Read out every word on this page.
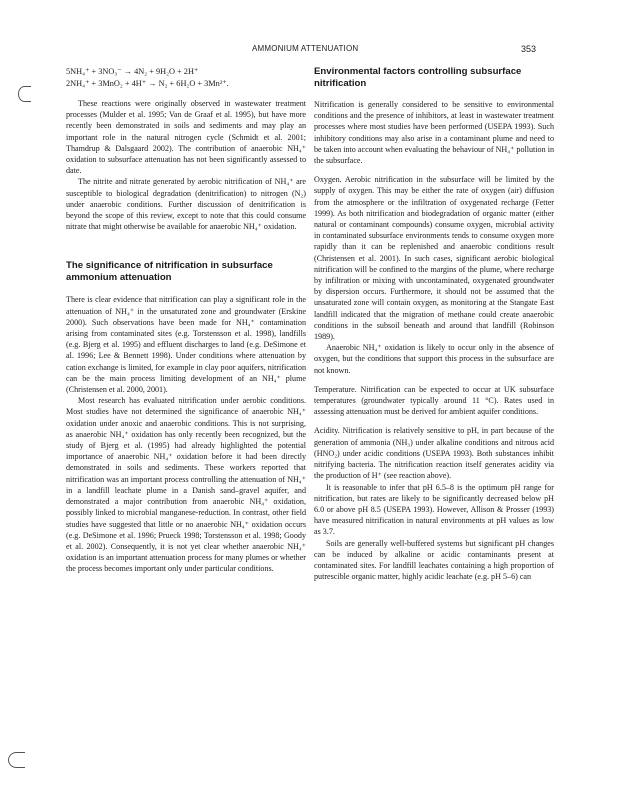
AMMONIUM ATTENUATION	353
5NH₄⁺ + 3NO₃⁻ → 4N₂ + 9H₂O + 2H⁺
2NH₄⁺ + 3MnO₂ + 4H⁺ → N₂ + 6H₂O + 3Mn²⁺.

These reactions were originally observed in wastewater treatment processes (Mulder et al. 1995; Van de Graaf et al. 1995), but have more recently been demonstrated in soils and sediments and may play an important role in the natural nitrogen cycle (Schmidt et al. 2001; Thamdrup & Dalsgaard 2002). The contribution of anaerobic NH₄⁺ oxidation to subsurface attenuation has not been significantly assessed to date.

The nitrite and nitrate generated by aerobic nitrification of NH₄⁺ are susceptible to biological degradation (denitrification) to nitrogen (N₂) under anaerobic conditions. Further discussion of denitrification is beyond the scope of this review, except to note that this could consume nitrate that might otherwise be available for anaerobic NH₄⁺ oxidation.

The significance of nitrification in subsurface ammonium attenuation

There is clear evidence that nitrification can play a significant role in the attenuation of NH₄⁺ in the unsaturated zone and groundwater (Erskine 2000). Such observations have been made for NH₄⁺ contamination arising from contaminated sites (e.g. Torstensson et al. 1998), landfills (e.g. Bjerg et al. 1995) and effluent discharges to land (e.g. DeSimone et al. 1996; Lee & Bennett 1998). Under conditions where attenuation by cation exchange is limited, for example in clay poor aquifers, nitrification can be the main process limiting development of an NH₄⁺ plume (Christensen et al. 2000, 2001).

Most research has evaluated nitrification under aerobic conditions. Most studies have not determined the significance of anaerobic NH₄⁺ oxidation under anoxic and anaerobic conditions. This is not surprising, as anaerobic NH₄⁺ oxidation has only recently been recognized, but the study of Bjerg et al. (1995) had already highlighted the potential importance of anaerobic NH₄⁺ oxidation before it had been directly demonstrated in soils and sediments. These workers reported that nitrification was an important process controlling the attenuation of NH₄⁺ in a landfill leachate plume in a Danish sand–gravel aquifer, and demonstrated a major contribution from anaerobic NH₄⁺ oxidation, possibly linked to microbial manganese-reduction. In contrast, other field studies have suggested that little or no anaerobic NH₄⁺ oxidation occurs (e.g. DeSimone et al. 1996; Prueck 1998; Torstensson et al. 1998; Goody et al. 2002). Consequently, it is not yet clear whether anaerobic NH₄⁺ oxidation is an important attenuation process for many plumes or whether the process becomes important only under particular conditions.

Environmental factors controlling subsurface nitrification

Nitrification is generally considered to be sensitive to environmental conditions and the presence of inhibitors, at least in wastewater treatment processes where most studies have been performed (USEPA 1993). Such inhibitory conditions may also arise in a contaminant plume and need to be taken into account when evaluating the behaviour of NH₄⁺ pollution in the subsurface.

Oxygen. Aerobic nitrification in the subsurface will be limited by the supply of oxygen. This may be either the rate of oxygen (air) diffusion from the atmosphere or the infiltration of oxygenated recharge (Fetter 1999). As both nitrification and biodegradation of organic matter (either natural or contaminant compounds) consume oxygen, microbial activity in contaminated subsurface environments tends to consume oxygen more rapidly than it can be replenished and anaerobic conditions result (Christensen et al. 2001). In such cases, significant aerobic biological nitrification will be confined to the margins of the plume, where recharge by infiltration or mixing with uncontaminated, oxygenated groundwater by dispersion occurs. Furthermore, it should not be assumed that the unsaturated zone will contain oxygen, as monitoring at the Stangate East landfill indicated that the migration of methane could create anaerobic conditions in the subsoil beneath and around that landfill (Robinson 1989).

Anaerobic NH₄⁺ oxidation is likely to occur only in the absence of oxygen, but the conditions that support this process in the subsurface are not known.

Temperature. Nitrification can be expected to occur at UK subsurface temperatures (groundwater typically around 11 °C). Rates used in assessing attenuation must be derived for ambient aquifer conditions.

Acidity. Nitrification is relatively sensitive to pH, in part because of the generation of ammonia (NH₃) under alkaline conditions and nitrous acid (HNO₂) under acidic conditions (USEPA 1993). Both substances inhibit nitrifying bacteria. The nitrification reaction itself generates acidity via the production of H⁺ (see reaction above).

It is reasonable to infer that pH 6.5–8 is the optimum pH range for nitrification, but rates are likely to be significantly decreased below pH 6.0 or above pH 8.5 (USEPA 1993). However, Allison & Prosser (1993) have measured nitrification in natural environments at pH values as low as 3.7.

Soils are generally well-buffered systems but significant pH changes can be induced by alkaline or acidic contaminants present at contaminated sites. For landfill leachates containing a high proportion of putrescible organic matter, highly acidic leachate (e.g. pH 5–6) can
